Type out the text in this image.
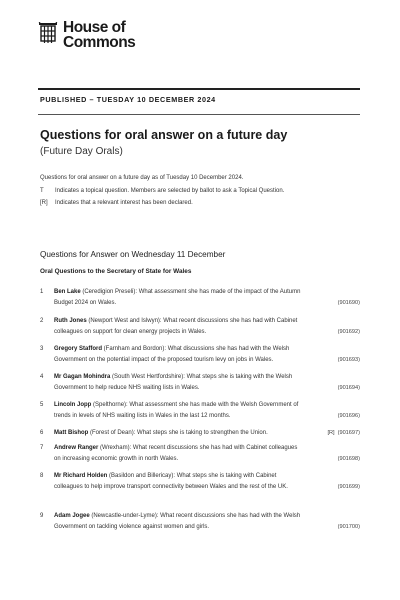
House of
Commons
PUBLISHED – TUESDAY 10 DECEMBER 2024
Questions for oral answer on a future day
(Future Day Orals)
Questions for oral answer on a future day as of Tuesday 10 December 2024.
T Indicates a topical question. Members are selected by ballot to ask a Topical Question.
[R] Indicates that a relevant interest has been declared.
Questions for Answer on Wednesday 11 December
Oral Questions to the Secretary of State for Wales
1 Ben Lake (Ceredigion Preseli): What assessment she has made of the impact of the Autumn Budget 2024 on Wales.	(901690)
2 Ruth Jones (Newport West and Islwyn): What recent discussions she has had with Cabinet colleagues on support for clean energy projects in Wales.	(901692)
3 Gregory Stafford (Farnham and Bordon): What discussions she has had with the Welsh Government on the potential impact of the proposed tourism levy on jobs in Wales.	(901693)
4 Mr Gagan Mohindra (South West Hertfordshire): What steps she is taking with the Welsh Government to help reduce NHS waiting lists in Wales.	(901694)
5 Lincoln Jopp (Spelthorne): What assessment she has made with the Welsh Government of trends in levels of NHS waiting lists in Wales in the last 12 months.	(901696)
6 Matt Bishop (Forest of Dean): What steps she is taking to strengthen the Union.	[R] (901697)
7 Andrew Ranger (Wrexham): What recent discussions she has had with Cabinet colleagues on increasing economic growth in north Wales.	(901698)
8 Mr Richard Holden (Basildon and Billericay): What steps she is taking with Cabinet colleagues to help improve transport connectivity between Wales and the rest of the UK.	(901699)
9 Adam Jogee (Newcastle-under-Lyme): What recent discussions she has had with the Welsh Government on tackling violence against women and girls.	(901700)
